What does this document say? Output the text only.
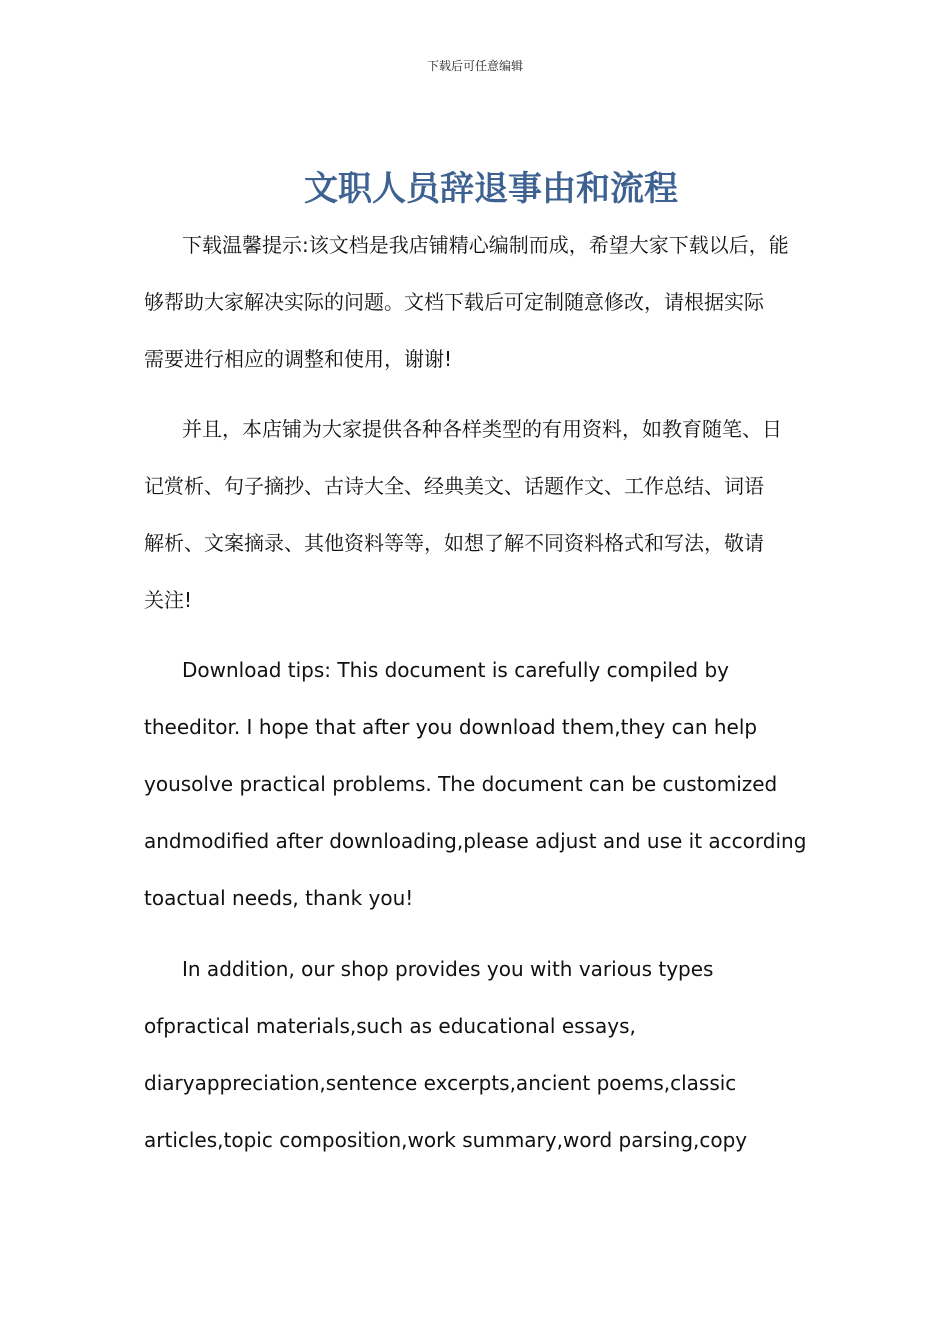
下载后可任意编辑
文职人员辞退事由和流程
下载温馨提示:该文档是我店铺精心编制而成，希望大家下载以后，能
够帮助大家解决实际的问题。文档下载后可定制随意修改，请根据实际
需要进行相应的调整和使用，谢谢!
并且，本店铺为大家提供各种各样类型的有用资料，如教育随笔、日
记赏析、句子摘抄、古诗大全、经典美文、话题作文、工作总结、词语
解析、文案摘录、其他资料等等，如想了解不同资料格式和写法，敬请
关注!
Download tips: This document is carefully compiled by
theeditor. I hope that after you download them,they can help
yousolve practical problems. The document can be customized
andmodified after downloading,please adjust and use it according
toactual needs, thank you!
In addition, our shop provides you with various types
ofpractical materials,such as educational essays,
diaryappreciation,sentence excerpts,ancient poems,classic
articles,topic composition,work summary,word parsing,copy
